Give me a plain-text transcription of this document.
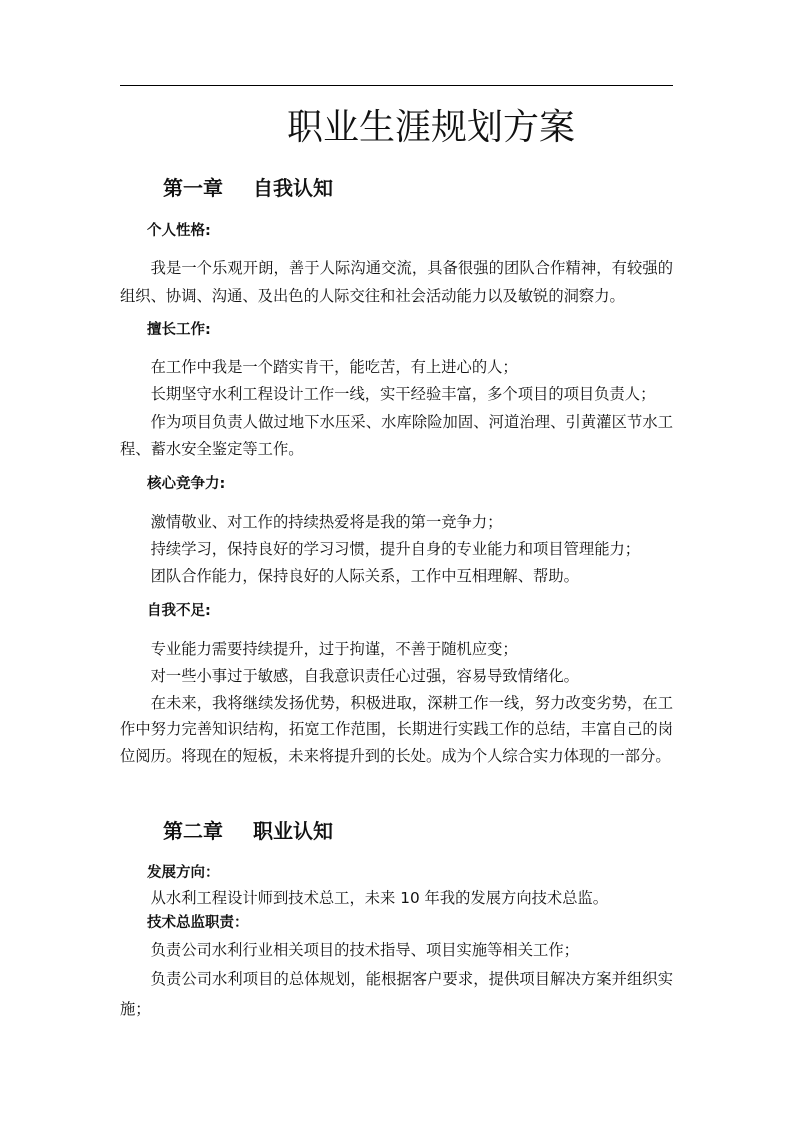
职业生涯规划方案
第一章 自我认知
个人性格:

我是一个乐观开朗，善于人际沟通交流，具备很强的团队合作精神，有较强的组织、协调、沟通、及出色的人际交往和社会活动能力以及敏锐的洞察力。

擅长工作:

在工作中我是一个踏实肯干，能吃苦，有上进心的人；

长期坚守水利工程设计工作一线，实干经验丰富，多个项目的项目负责人；

作为项目负责人做过地下水压采、水库除险加固、河道治理、引黄灌区节水工程、蓄水安全鉴定等工作。

核心竞争力:

激情敬业、对工作的持续热爱将是我的第一竞争力；

持续学习，保持良好的学习习惯，提升自身的专业能力和项目管理能力；

团队合作能力，保持良好的人际关系，工作中互相理解、帮助。

自我不足:

专业能力需要持续提升，过于拘谨，不善于随机应变；

对一些小事过于敏感，自我意识责任心过强，容易导致情绪化。

在未来，我将继续发扬优势，积极进取，深耕工作一线，努力改变劣势，在工作中努力完善知识结构，拓宽工作范围，长期进行实践工作的总结，丰富自己的岗位阅历。将现在的短板，未来将提升到的长处。成为个人综合实力体现的一部分。

第二章 职业认知
发展方向：

从水利工程设计师到技术总工，未来 10 年我的发展方向技术总监。

技术总监职责：

负责公司水利行业相关项目的技术指导、项目实施等相关工作；

负责公司水利项目的总体规划，能根据客户要求，提供项目解决方案并组织实施；
